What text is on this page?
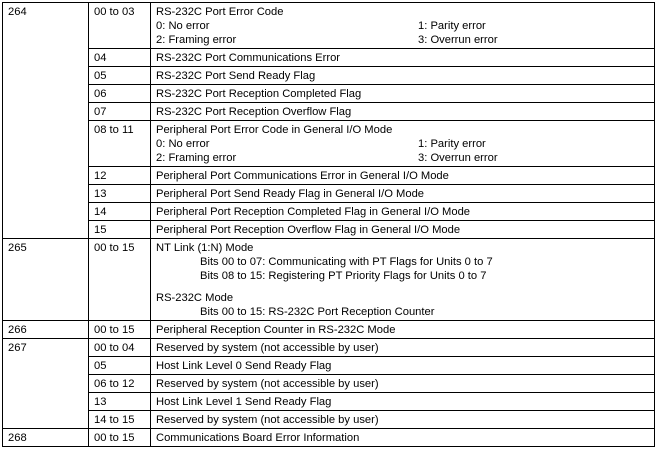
264	00 to 03	RS-232C Port Error Code
0: No error 1: Parity error
2: Framing error 3: Overrun error

	04	RS-232C Port Communications Error
	05	RS-232C Port Send Ready Flag
	06	RS-232C Port Reception Completed Flag
	07	RS-232C Port Reception Overflow Flag
	08 to 11	Peripheral Port Error Code in General I/O Mode
0: No error 1: Parity error
2: Framing error 3: Overrun error

	12	Peripheral Port Communications Error in General I/O Mode
	13	Peripheral Port Send Ready Flag in General I/O Mode
	14	Peripheral Port Reception Completed Flag in General I/O Mode
	15	Peripheral Port Reception Overflow Flag in General I/O Mode
265	00 to 15	NT Link (1:N) Mode
Bits 00 to 07: Communicating with PT Flags for Units 0 to 7
Bits 08 to 15: Registering PT Priority Flags for Units 0 to 7
RS-232C Mode
Bits 00 to 15: RS-232C Port Reception Counter

266	00 to 15	Peripheral Reception Counter in RS-232C Mode
267	00 to 04	Reserved by system (not accessible by user)
	05	Host Link Level 0 Send Ready Flag
	06 to 12	Reserved by system (not accessible by user)
	13	Host Link Level 1 Send Ready Flag
	14 to 15	Reserved by system (not accessible by user)
268	00 to 15	Communications Board Error Information
